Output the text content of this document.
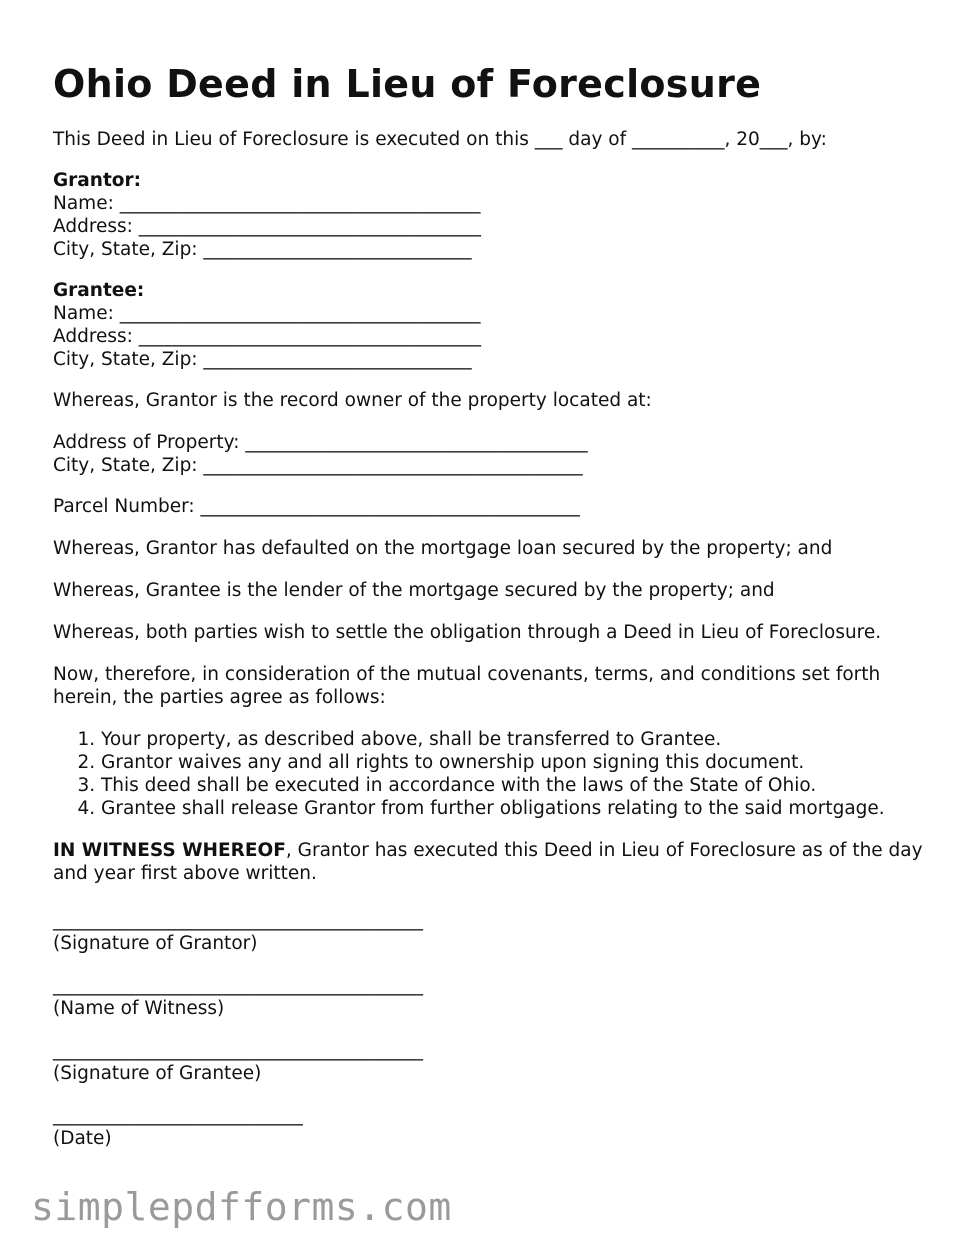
Ohio Deed in Lieu of Foreclosure

This Deed in Lieu of Foreclosure is executed on this ___ day of __________, 20___, by:

Grantor:

Name: _______________________________________

Address: _____________________________________

City, State, Zip: _____________________________

Grantee:

Name: _______________________________________

Address: _____________________________________

City, State, Zip: _____________________________

Whereas, Grantor is the record owner of the property located at:

Address of Property: _____________________________________

City, State, Zip: _________________________________________

Parcel Number: _________________________________________

Whereas, Grantor has defaulted on the mortgage loan secured by the property; and

Whereas, Grantee is the lender of the mortgage secured by the property; and

Whereas, both parties wish to settle the obligation through a Deed in Lieu of Foreclosure.

Now, therefore, in consideration of the mutual covenants, terms, and conditions set forth herein, the parties agree as follows:

1. Your property, as described above, shall be transferred to Grantee.
2. Grantor waives any and all rights to ownership upon signing this document.
3. This deed shall be executed in accordance with the laws of the State of Ohio.
4. Grantee shall release Grantor from further obligations relating to the said mortgage.

IN WITNESS WHEREOF, Grantor has executed this Deed in Lieu of Foreclosure as of the day and year first above written.

________________________________________

(Signature of Grantor)

________________________________________

(Name of Witness)

________________________________________

(Signature of Grantee)

___________________________

(Date)

simplepdfforms.com
